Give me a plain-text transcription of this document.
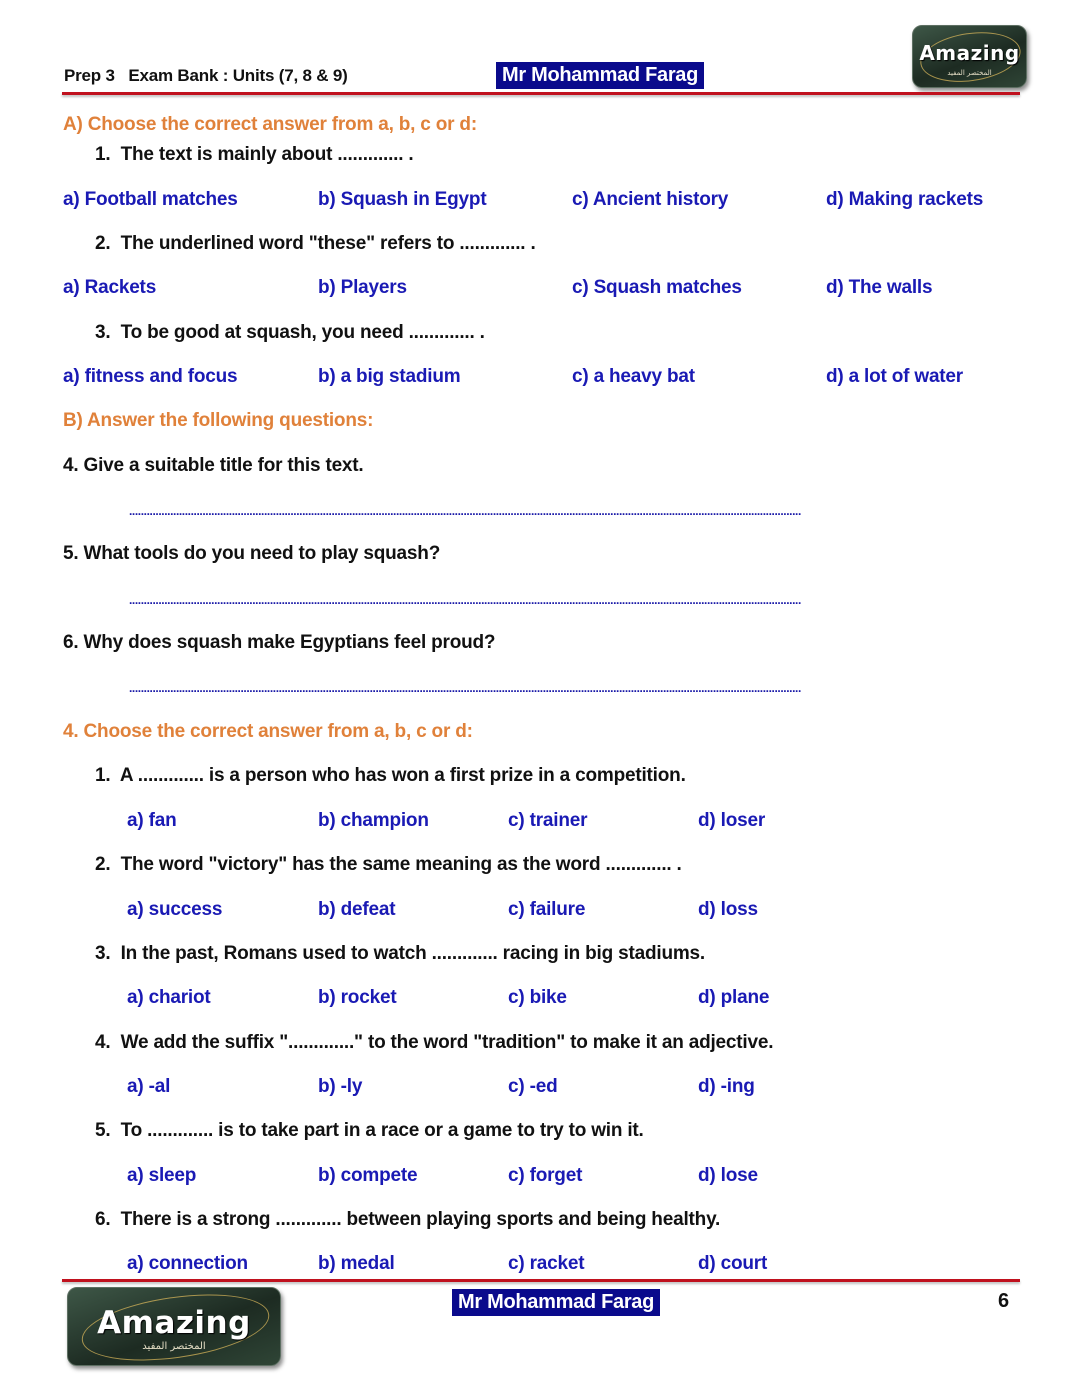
Prep 3   Exam Bank : Units (7, 8 & 9)	Mr Mohammad Farag
Amazing
المختصر المفيد
A) Choose the correct answer from a, b, c or d:
1.  The text is mainly about ............. .
a) Football matches	b) Squash in Egypt	c) Ancient history	d) Making rackets
2.  The underlined word "these" refers to ............. .
a) Rackets	b) Players	c) Squash matches	d) The walls
3.  To be good at squash, you need ............. .
a) fitness and focus	b) a big stadium	c) a heavy bat	d) a lot of water
B) Answer the following questions:
4. Give a suitable title for this text.
.....................................................................................................................................................................................................................................
5. What tools do you need to play squash?
.....................................................................................................................................................................................................................................
6. Why does squash make Egyptians feel proud?
.....................................................................................................................................................................................................................................
4. Choose the correct answer from a, b, c or d:
1.  A ............. is a person who has won a first prize in a competition.
a) fan	b) champion	c) trainer	d) loser
2.  The word "victory" has the same meaning as the word ............. .
a) success	b) defeat	c) failure	d) loss
3.  In the past, Romans used to watch ............. racing in big stadiums.
a) chariot	b) rocket	c) bike	d) plane
4.  We add the suffix "............." to the word "tradition" to make it an adjective.
a) -al	b) -ly	c) -ed	d) -ing
5.  To ............. is to take part in a race or a game to try to win it.
a) sleep	b) compete	c) forget	d) lose
6.  There is a strong ............. between playing sports and being healthy.
a) connection	b) medal	c) racket	d) court
Amazing
المختصر المفيد
Mr Mohammad Farag	6
